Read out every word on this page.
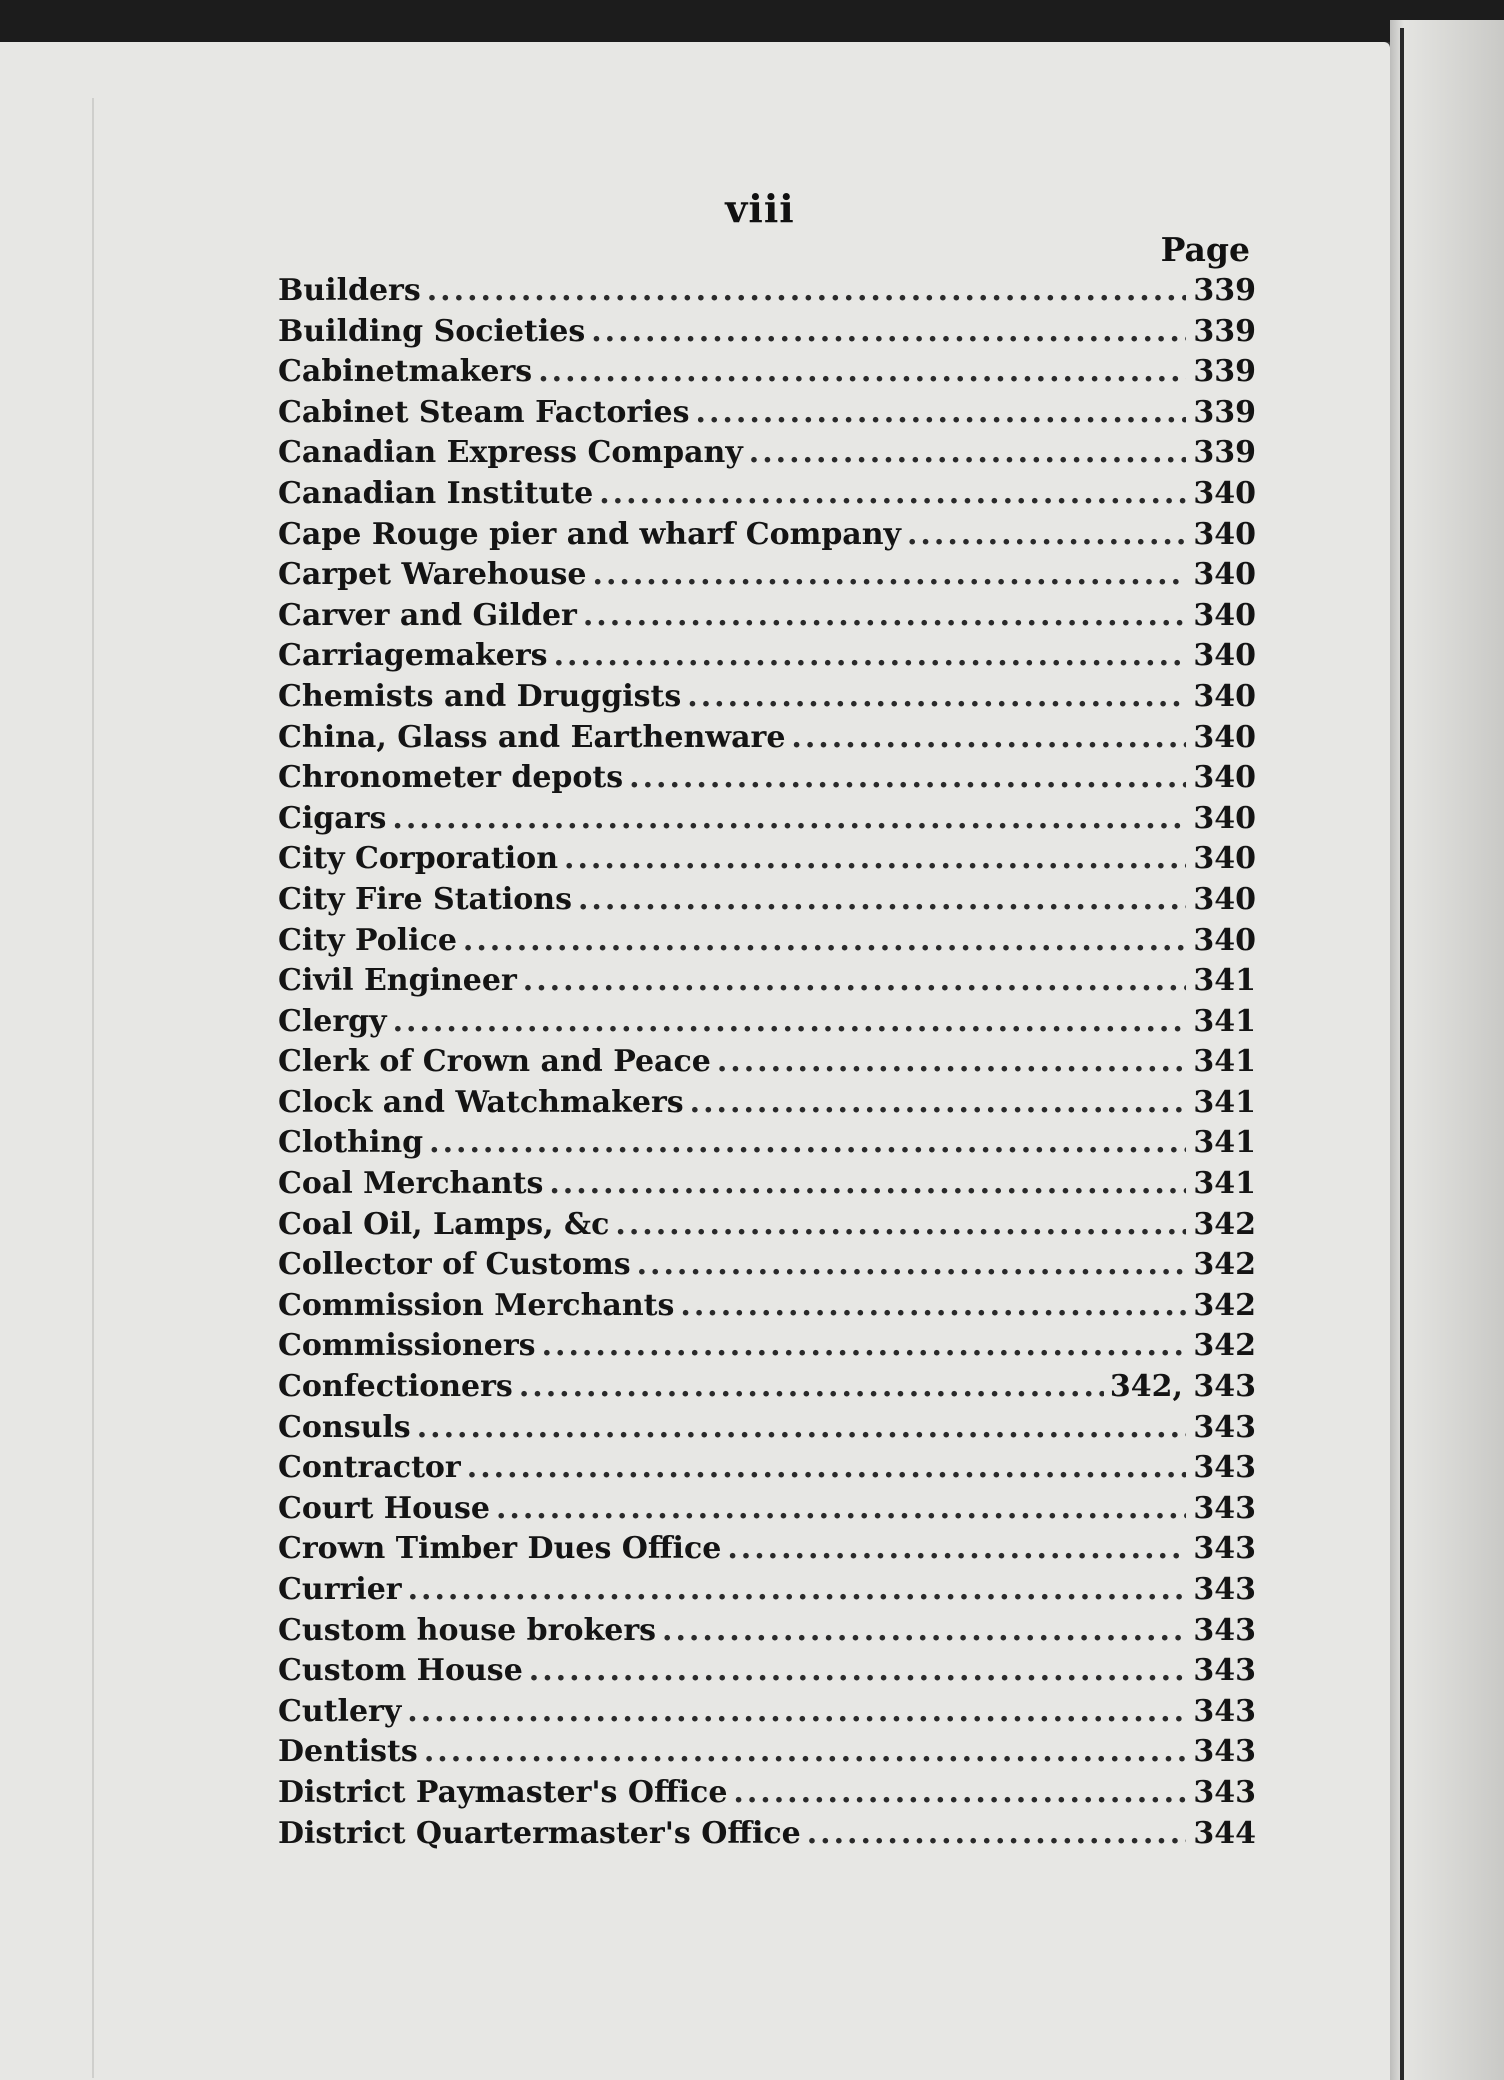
viii
Page
Builders .....	339
Building Societies .....	339
Cabinetmakers .....	339
Cabinet Steam Factories .....	339
Canadian Express Company .....	339
Canadian Institute .....	340
Cape Rouge pier and wharf Company .....	340
Carpet Warehouse .....	340
Carver and Gilder .....	340
Carriagemakers .....	340
Chemists and Druggists .....	340
China, Glass and Earthenware .....	340
Chronometer depots .....	340
Cigars .....	340
City Corporation .....	340
City Fire Stations .....	340
City Police .....	340
Civil Engineer .....	341
Clergy .....	341
Clerk of Crown and Peace .....	341
Clock and Watchmakers .....	341
Clothing .....	341
Coal Merchants .....	341
Coal Oil, Lamps, &c .....	342
Collector of Customs .....	342
Commission Merchants .....	342
Commissioners .....	342
Confectioners .....	342, 343
Consuls .....	343
Contractor .....	343
Court House .....	343
Crown Timber Dues Office .....	343
Currier .....	343
Custom house brokers .....	343
Custom House .....	343
Cutlery .....	343
Dentists .....	343
District Paymaster's Office .....	343
District Quartermaster's Office .....	344
